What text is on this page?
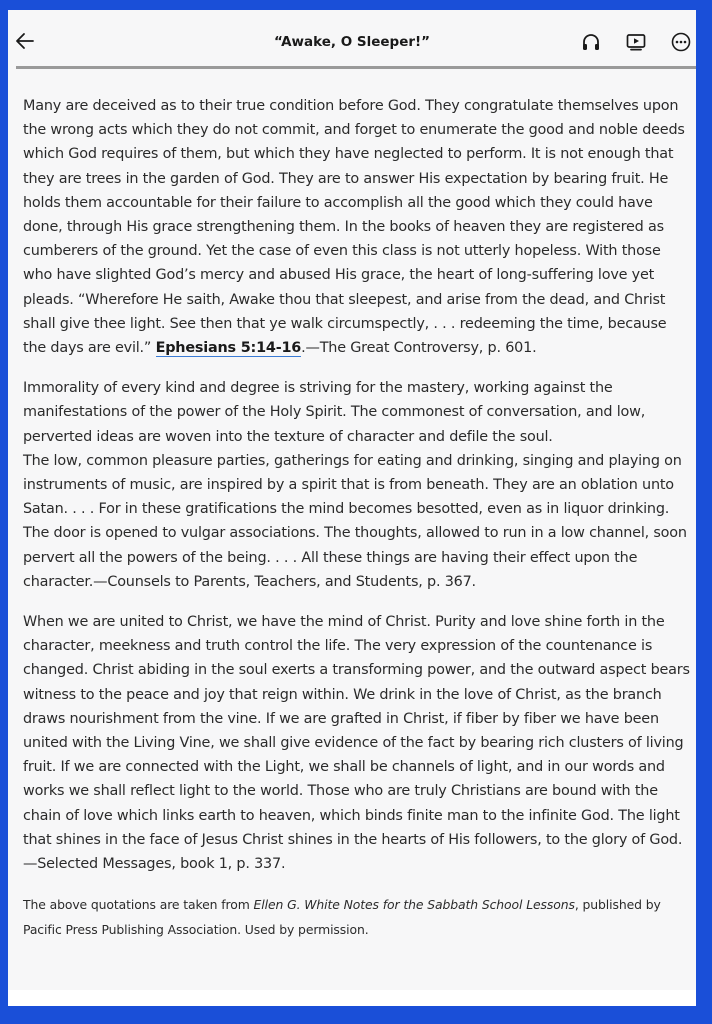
“Awake, O Sleeper!”

Many are deceived as to their true condition before God. They congratulate themselves upon the wrong acts which they do not commit, and forget to enumerate the good and noble deeds which God requires of them, but which they have neglected to perform. It is not enough that they are trees in the garden of God. They are to answer His expectation by bearing fruit. He holds them accountable for their failure to accomplish all the good which they could have done, through His grace strengthening them. In the books of heaven they are registered as cumberers of the ground. Yet the case of even this class is not utterly hopeless. With those who have slighted God’s mercy and abused His grace, the heart of long-suffering love yet pleads. “Wherefore He saith, Awake thou that sleepest, and arise from the dead, and Christ shall give thee light. See then that ye walk circumspectly, . . . redeeming the time, because the days are evil.” Ephesians 5:14-16.—The Great Controversy, p. 601.

Immorality of every kind and degree is striving for the mastery, working against the manifestations of the power of the Holy Spirit. The commonest of conversation, and low, perverted ideas are woven into the texture of character and defile the soul.
The low, common pleasure parties, gatherings for eating and drinking, singing and playing on instruments of music, are inspired by a spirit that is from beneath. They are an oblation unto Satan. . . . For in these gratifications the mind becomes besotted, even as in liquor drinking. The door is opened to vulgar associations. The thoughts, allowed to run in a low channel, soon pervert all the powers of the being. . . . All these things are having their effect upon the character.—Counsels to Parents, Teachers, and Students, p. 367.

When we are united to Christ, we have the mind of Christ. Purity and love shine forth in the character, meekness and truth control the life. The very expression of the countenance is changed. Christ abiding in the soul exerts a transforming power, and the outward aspect bears witness to the peace and joy that reign within. We drink in the love of Christ, as the branch draws nourishment from the vine. If we are grafted in Christ, if fiber by fiber we have been united with the Living Vine, we shall give evidence of the fact by bearing rich clusters of living fruit. If we are connected with the Light, we shall be channels of light, and in our words and works we shall reflect light to the world. Those who are truly Christians are bound with the chain of love which links earth to heaven, which binds finite man to the infinite God. The light that shines in the face of Jesus Christ shines in the hearts of His followers, to the glory of God.—Selected Messages, book 1, p. 337.

The above quotations are taken from Ellen G. White Notes for the Sabbath School Lessons, published by Pacific Press Publishing Association. Used by permission.
